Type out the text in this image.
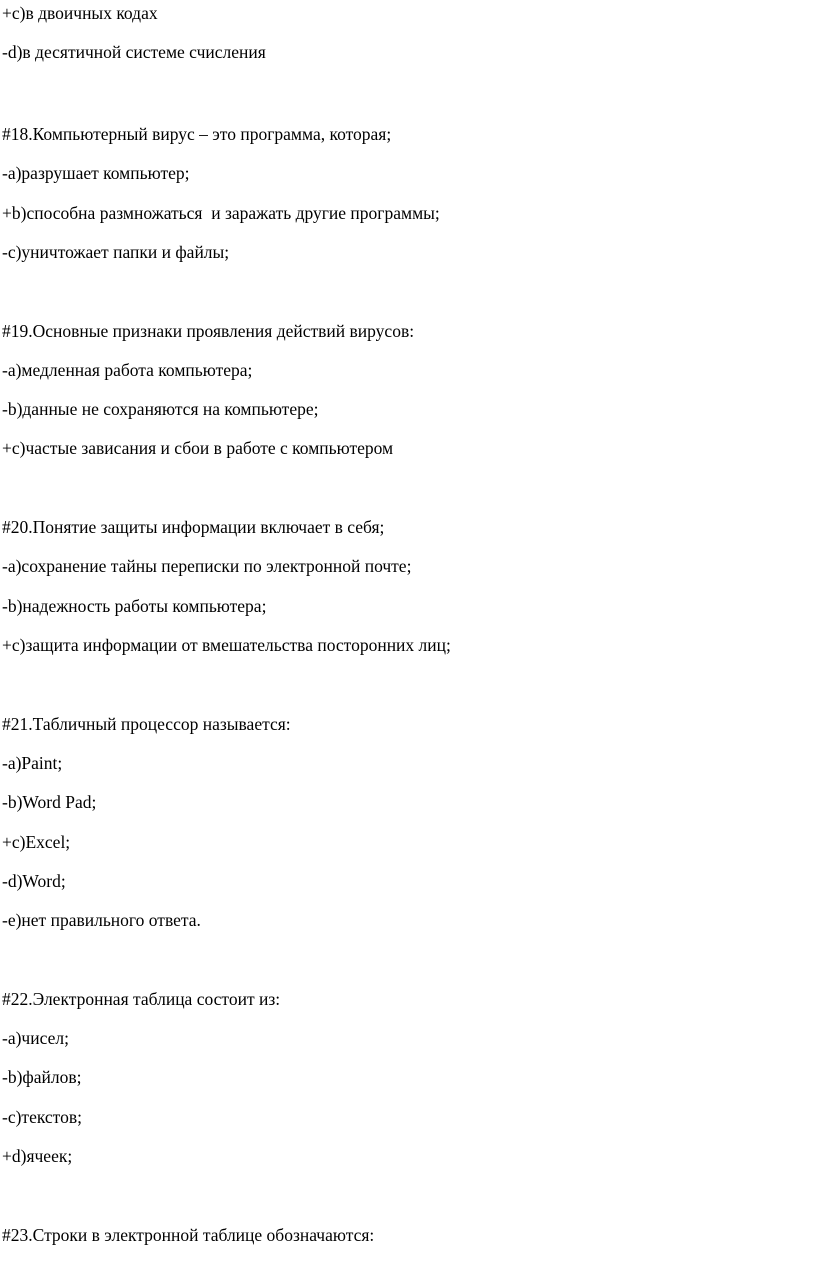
+c)в двоичных кодах
-d)в десятичной системе счисления
#18.Компьютерный вирус – это программа, которая;
-a)разрушает компьютер;
+b)способна размножаться  и заражать другие программы;
-c)уничтожает папки и файлы;
#19.Основные признаки проявления действий вирусов:
-a)медленная работа компьютера;
-b)данные не сохраняются на компьютере;
+c)частые зависания и сбои в работе с компьютером
#20.Понятие защиты информации включает в себя;
-a)сохранение тайны переписки по электронной почте;
-b)надежность работы компьютера;
+c)защита информации от вмешательства посторонних лиц;
#21.Табличный процессор называется:
-a)Paint;
-b)Word Pad;
+c)Excel;
-d)Word;
-e)нет правильного ответа.
#22.Электронная таблица состоит из:
-a)чисел;
-b)файлов;
-c)текстов;
+d)ячеек;
#23.Строки в электронной таблице обозначаются:
